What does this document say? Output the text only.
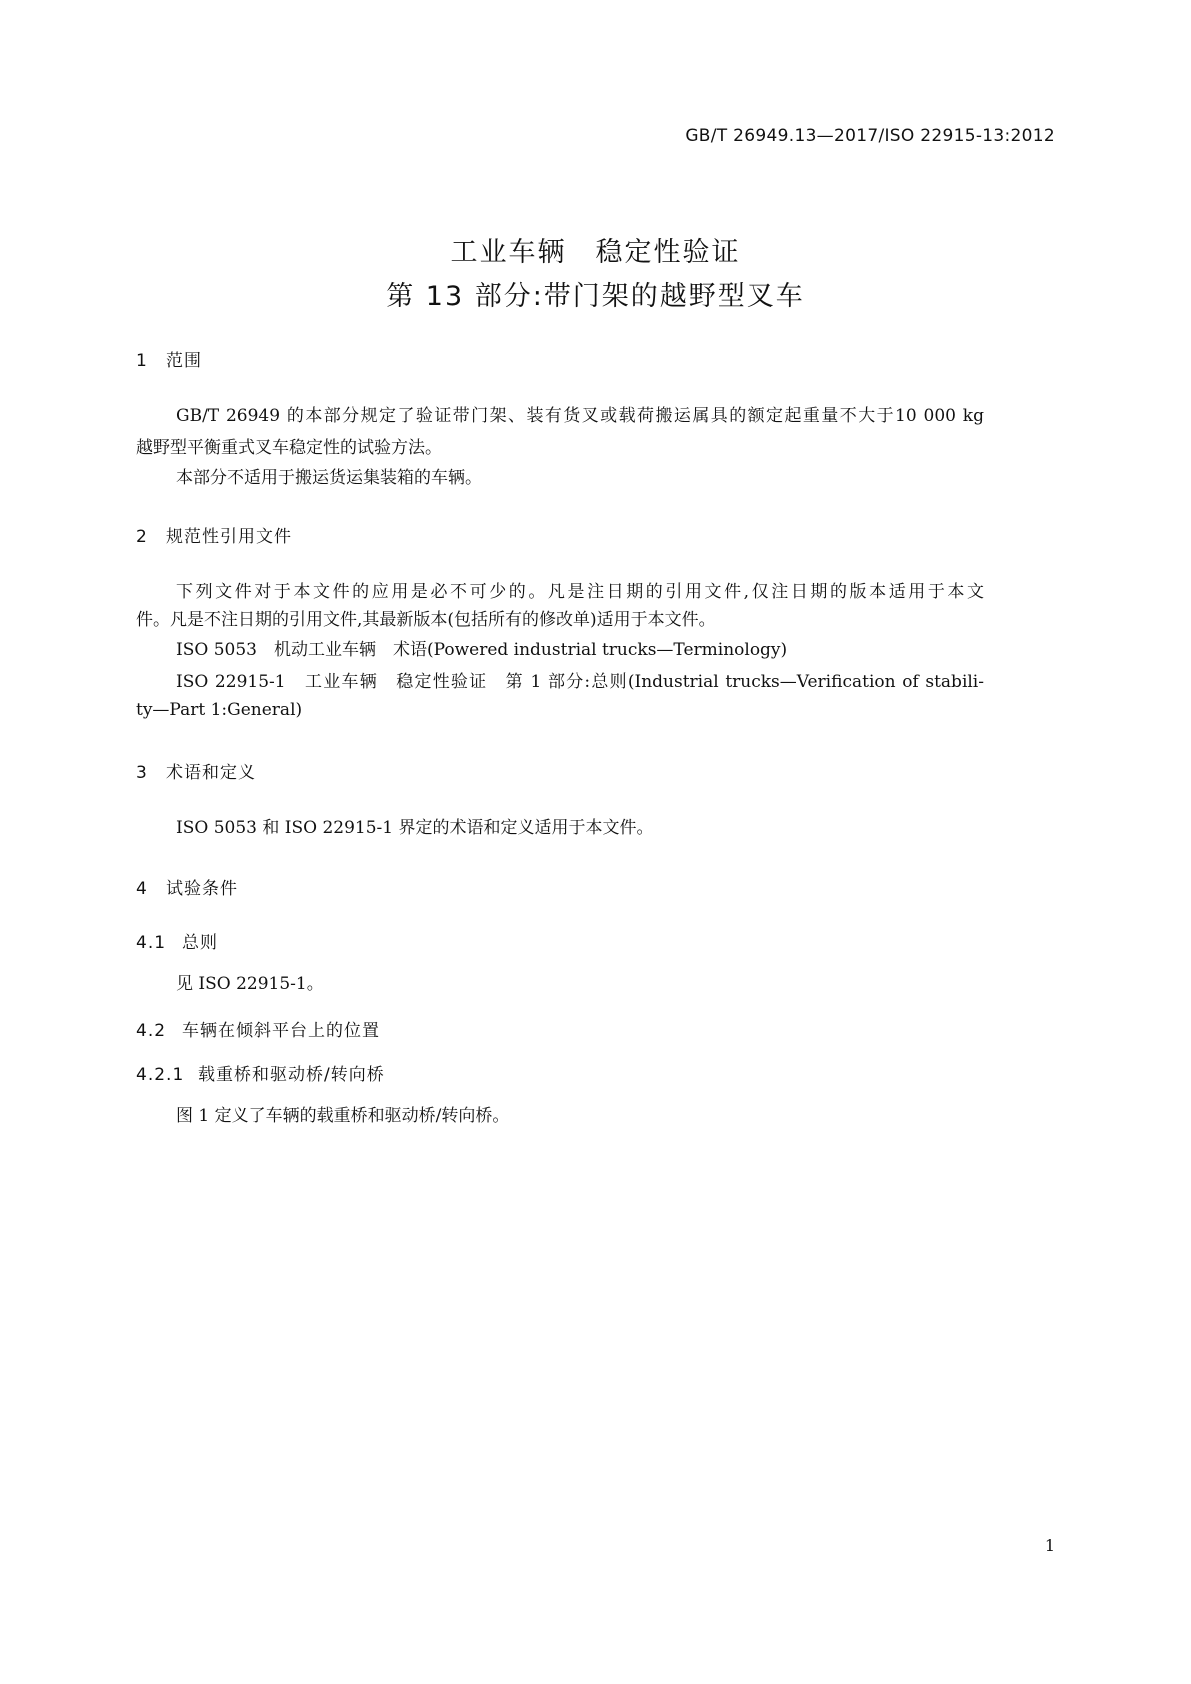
GB/T 26949.13—2017/ISO 22915-13:2012
工业车辆　稳定性验证
第 13 部分:带门架的越野型叉车
1 范围
GB/T 26949 的本部分规定了验证带门架、装有货叉或载荷搬运属具的额定起重量不大于10 000 kg
越野型平衡重式叉车稳定性的试验方法。
本部分不适用于搬运货运集装箱的车辆。
2 规范性引用文件
下列文件对于本文件的应用是必不可少的。凡是注日期的引用文件,仅注日期的版本适用于本文
件。凡是不注日期的引用文件,其最新版本(包括所有的修改单)适用于本文件。
ISO 5053　机动工业车辆　术语(Powered industrial trucks—Terminology)
ISO 22915-1　工业车辆　稳定性验证　第 1 部分:总则(Industrial trucks—Verification of stabili-
ty—Part 1:General)
3 术语和定义
ISO 5053 和 ISO 22915-1 界定的术语和定义适用于本文件。
4 试验条件
4.1 总则
见 ISO 22915-1。
4.2 车辆在倾斜平台上的位置
4.2.1 载重桥和驱动桥/转向桥
图 1 定义了车辆的载重桥和驱动桥/转向桥。
1
